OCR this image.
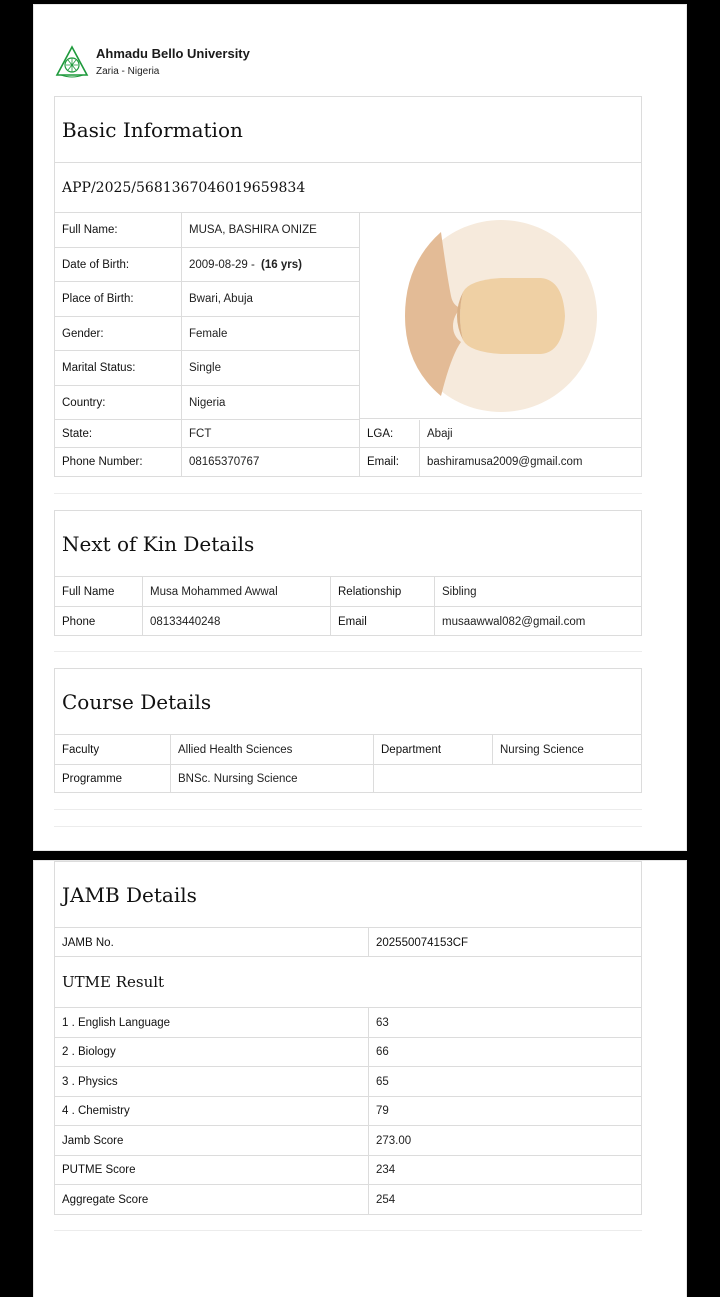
Ahmadu Bello University
Zaria - Nigeria
Basic Information
APP/2025/5681367046019659834
Full Name:	MUSA, BASHIRA ONIZE
Date of Birth:	2009-08-29 - (16 yrs)
Place of Birth:	Bwari, Abuja
Gender:	Female
Marital Status:	Single
Country:	Nigeria
State:	FCT	LGA:	Abaji
Phone Number:	08165370767	Email:	bashiramusa2009@gmail.com
Next of Kin Details
Full Name	Musa Mohammed Awwal	Relationship	Sibling
Phone	08133440248	Email	musaawwal082@gmail.com
Course Details
Faculty	Allied Health Sciences	Department	Nursing Science
Programme	BNSc. Nursing Science
JAMB Details
JAMB No.	202550074153CF
UTME Result
1 . English Language	63
2 . Biology	66
3 . Physics	65
4 . Chemistry	79
Jamb Score	273.00
PUTME Score	234
Aggregate Score	254
